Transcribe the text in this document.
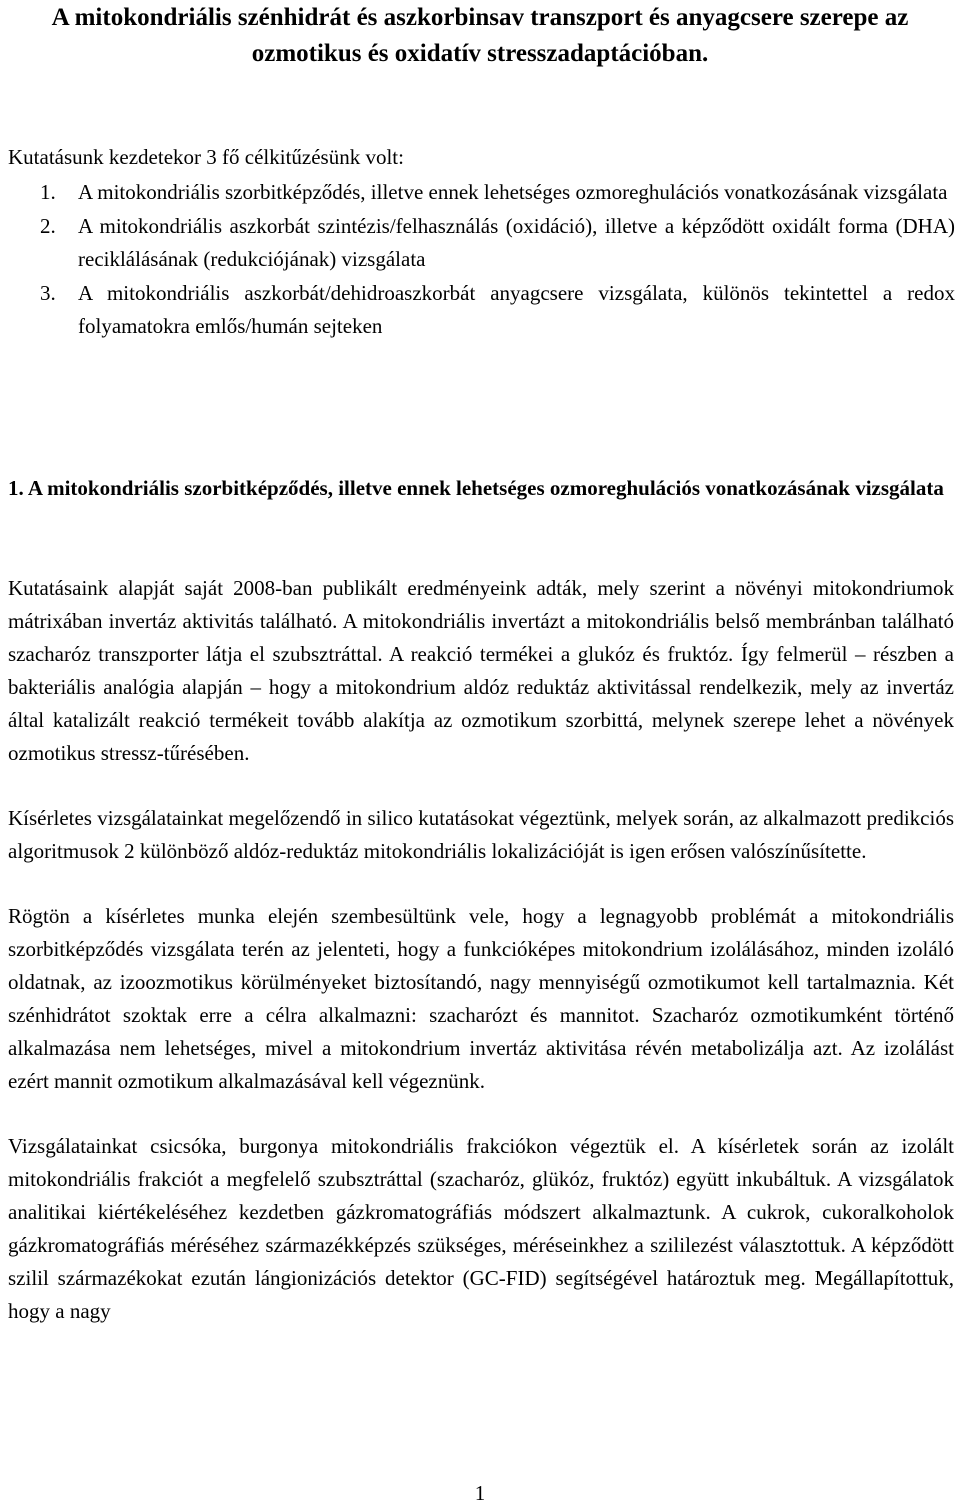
A mitokondriális szénhidrát és aszkorbinsav transzport és anyagcsere szerepe az ozmotikus és oxidatív stresszadaptációban.

Kutatásunk kezdetekor 3 fő célkitűzésünk volt:

1.	A mitokondriális szorbitképződés, illetve ennek lehetséges ozmoreghulációs vonatkozásának vizsgálata
2.	A mitokondriális aszkorbát szintézis/felhasználás (oxidáció), illetve a képződött oxidált forma (DHA) reciklálásának (redukciójának) vizsgálata
3.	A mitokondriális aszkorbát/dehidroaszkorbát anyagcsere vizsgálata, különös tekintettel a redox folyamatokra emlős/humán sejteken
1. A mitokondriális szorbitképződés, illetve ennek lehetséges ozmoreghulációs vonatkozásának vizsgálata

Kutatásaink alapját saját 2008-ban publikált eredményeink adták, mely szerint a növényi mitokondriumok mátrixában invertáz aktivitás található. A mitokondriális invertázt a mitokondriális belső membránban található szacharóz transzporter látja el szubsztráttal. A reakció termékei a glukóz és fruktóz. Így felmerül – részben a bakteriális analógia alapján – hogy a mitokondrium aldóz reduktáz aktivitással rendelkezik, mely az invertáz által katalizált reakció termékeit tovább alakítja az ozmotikum szorbittá, melynek szerepe lehet a növények ozmotikus stressz-tűrésében.

Kísérletes vizsgálatainkat megelőzendő in silico kutatásokat végeztünk, melyek során, az alkalmazott predikciós algoritmusok 2 különböző aldóz-reduktáz mitokondriális lokalizációját is igen erősen valószínűsítette.

Rögtön a kísérletes munka elején szembesültünk vele, hogy a legnagyobb problémát a mitokondriális szorbitképződés vizsgálata terén az jelenteti, hogy a funkcióképes mitokondrium izolálásához, minden izoláló oldatnak, az izoozmotikus körülményeket biztosítandó, nagy mennyiségű ozmotikumot kell tartalmaznia. Két szénhidrátot szoktak erre a célra alkalmazni: szacharózt és mannitot. Szacharóz ozmotikumként történő alkalmazása nem lehetséges, mivel a mitokondrium invertáz aktivitása révén metabolizálja azt. Az izolálást ezért mannit ozmotikum alkalmazásával kell végeznünk.

Vizsgálatainkat csicsóka, burgonya mitokondriális frakciókon végeztük el. A kísérletek során az izolált mitokondriális frakciót a megfelelő szubsztráttal (szacharóz, glükóz, fruktóz) együtt inkubáltuk. A vizsgálatok analitikai kiértékeléséhez kezdetben gázkromatográfiás módszert alkalmaztunk. A cukrok, cukoralkoholok gázkromatográfiás méréséhez származékképzés szükséges, méréseinkhez a szililezést választottuk. A képződött szilil származékokat ezután lángionizációs detektor (GC-FID) segítségével határoztuk meg. Megállapítottuk, hogy a nagy

1
